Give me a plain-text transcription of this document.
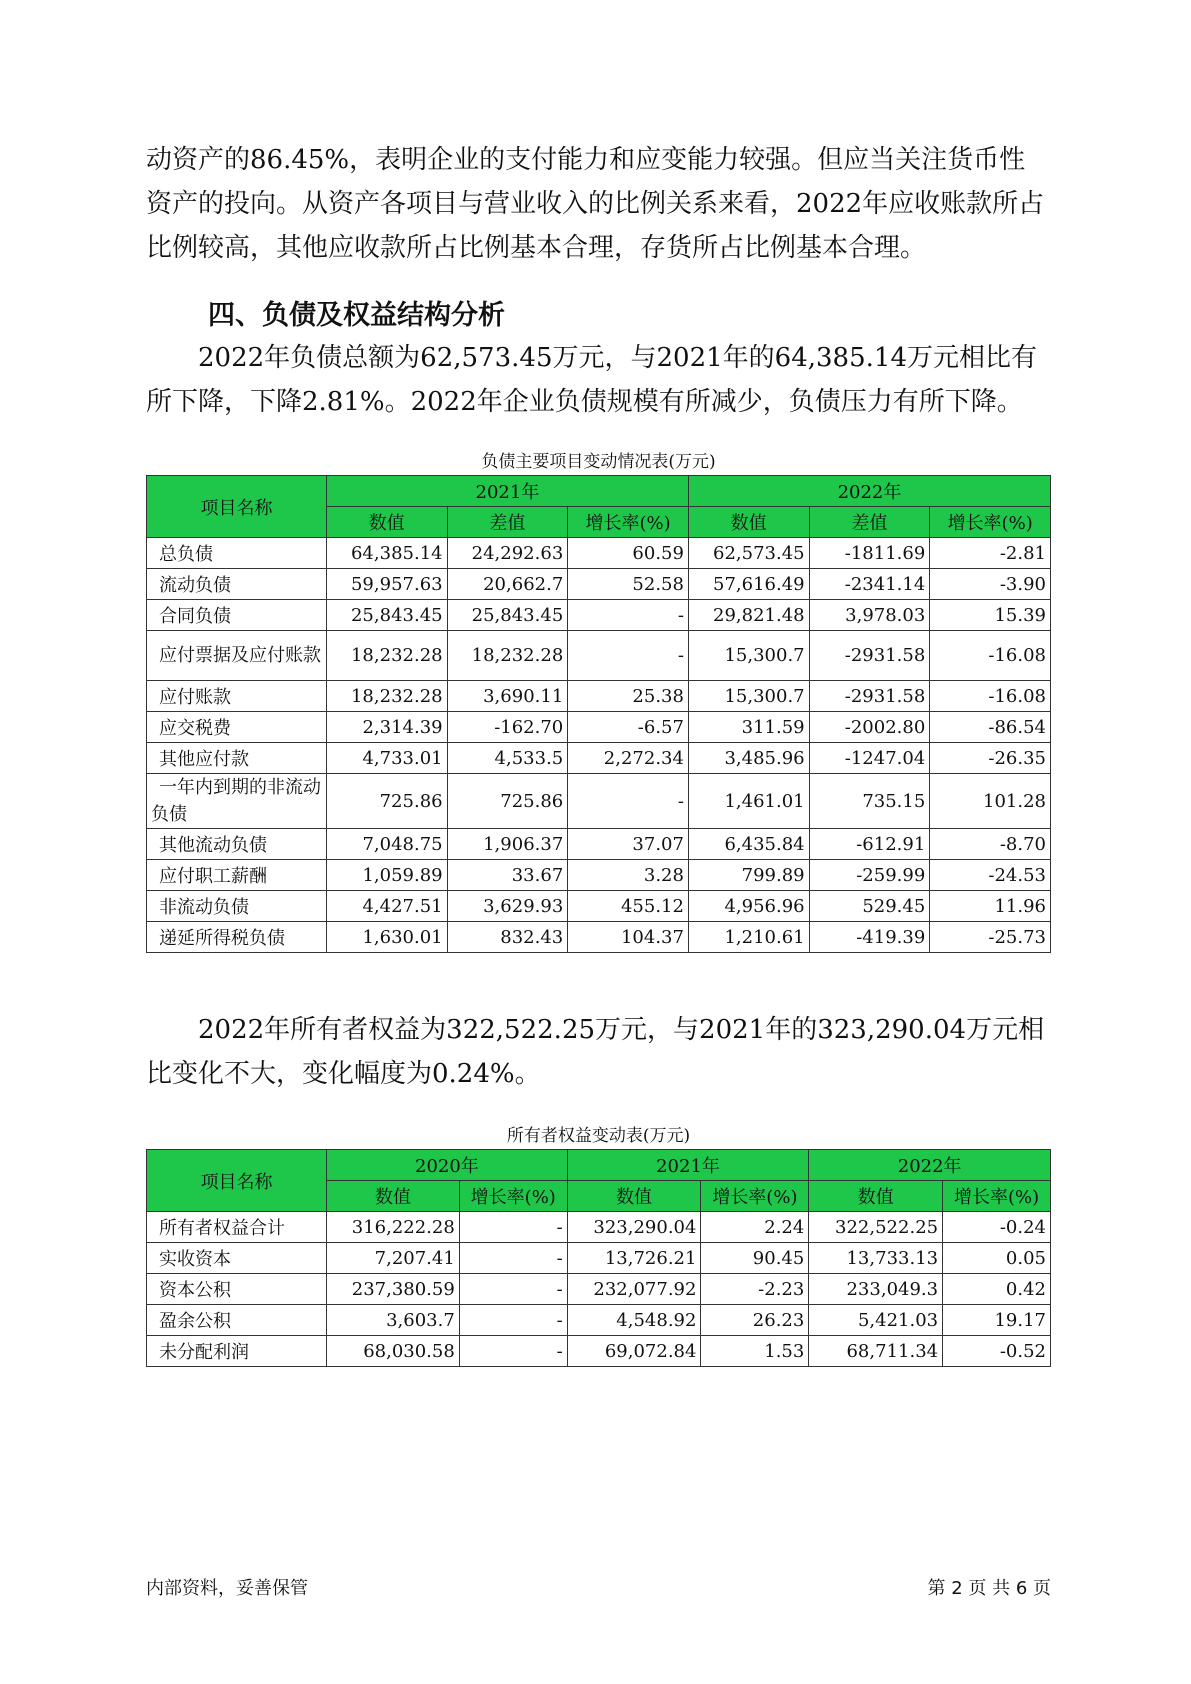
动资产的86.45%，表明企业的支付能力和应变能力较强。但应当关注货币性资产的投向。从资产各项目与营业收入的比例关系来看，2022年应收账款所占比例较高，其他应收款所占比例基本合理，存货所占比例基本合理。

四、负债及权益结构分析

2022年负债总额为62,573.45万元，与2021年的64,385.14万元相比有所下降，下降2.81%。2022年企业负债规模有所减少，负债压力有所下降。

负债主要项目变动情况表(万元)
项目名称	2021年			2022年		
	数值	差值	增长率(%)	数值	差值	增长率(%)
总负债	64,385.14	24,292.63	60.59	62,573.45	-1811.69	-2.81
流动负债	59,957.63	20,662.7	52.58	57,616.49	-2341.14	-3.90
合同负债	25,843.45	25,843.45	-	29,821.48	3,978.03	15.39
应付票据及应付账款	18,232.28	18,232.28	-	15,300.7	-2931.58	-16.08
应付账款	18,232.28	3,690.11	25.38	15,300.7	-2931.58	-16.08
应交税费	2,314.39	-162.70	-6.57	311.59	-2002.80	-86.54
其他应付款	4,733.01	4,533.5	2,272.34	3,485.96	-1247.04	-26.35
一年内到期的非流动负债	725.86	725.86	-	1,461.01	735.15	101.28
其他流动负债	7,048.75	1,906.37	37.07	6,435.84	-612.91	-8.70
应付职工薪酬	1,059.89	33.67	3.28	799.89	-259.99	-24.53
非流动负债	4,427.51	3,629.93	455.12	4,956.96	529.45	11.96
递延所得税负债	1,630.01	832.43	104.37	1,210.61	-419.39	-25.73

2022年所有者权益为322,522.25万元，与2021年的323,290.04万元相比变化不大，变化幅度为0.24%。

所有者权益变动表(万元)
项目名称	2020年		2021年		2022年	
	数值	增长率(%)	数值	增长率(%)	数值	增长率(%)
所有者权益合计	316,222.28	-	323,290.04	2.24	322,522.25	-0.24
实收资本	7,207.41	-	13,726.21	90.45	13,733.13	0.05
资本公积	237,380.59	-	232,077.92	-2.23	233,049.3	0.42
盈余公积	3,603.7	-	4,548.92	26.23	5,421.03	19.17
未分配利润	68,030.58	-	69,072.84	1.53	68,711.34	-0.52
内部资料，妥善保管	第 2 页 共 6 页
